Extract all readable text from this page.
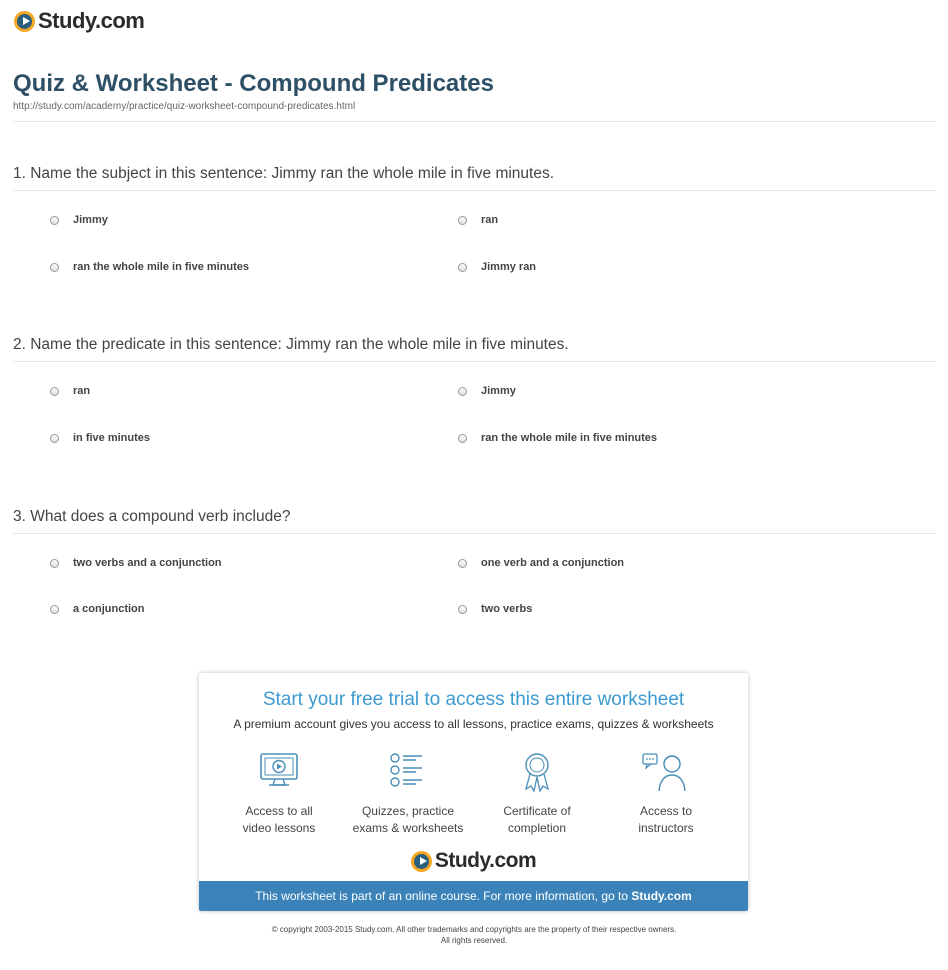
Study.com
Quiz & Worksheet - Compound Predicates
http://study.com/academy/practice/quiz-worksheet-compound-predicates.html
1. Name the subject in this sentence: Jimmy ran the whole mile in five minutes.
Jimmy	ran
ran the whole mile in five minutes	Jimmy ran
2. Name the predicate in this sentence: Jimmy ran the whole mile in five minutes.
ran	Jimmy
in five minutes	ran the whole mile in five minutes
3. What does a compound verb include?
two verbs and a conjunction	one verb and a conjunction
a conjunction	two verbs
Start your free trial to access this entire worksheet
A premium account gives you access to all lessons, practice exams, quizzes & worksheets
Access to all
video lessons
Quizzes, practice
exams & worksheets
Certificate of
completion
Access to
instructors
Study.com
This worksheet is part of an online course. For more information, go to Study.com
© copyright 2003-2015 Study.com. All other trademarks and copyrights are the property of their respective owners.
All rights reserved.
